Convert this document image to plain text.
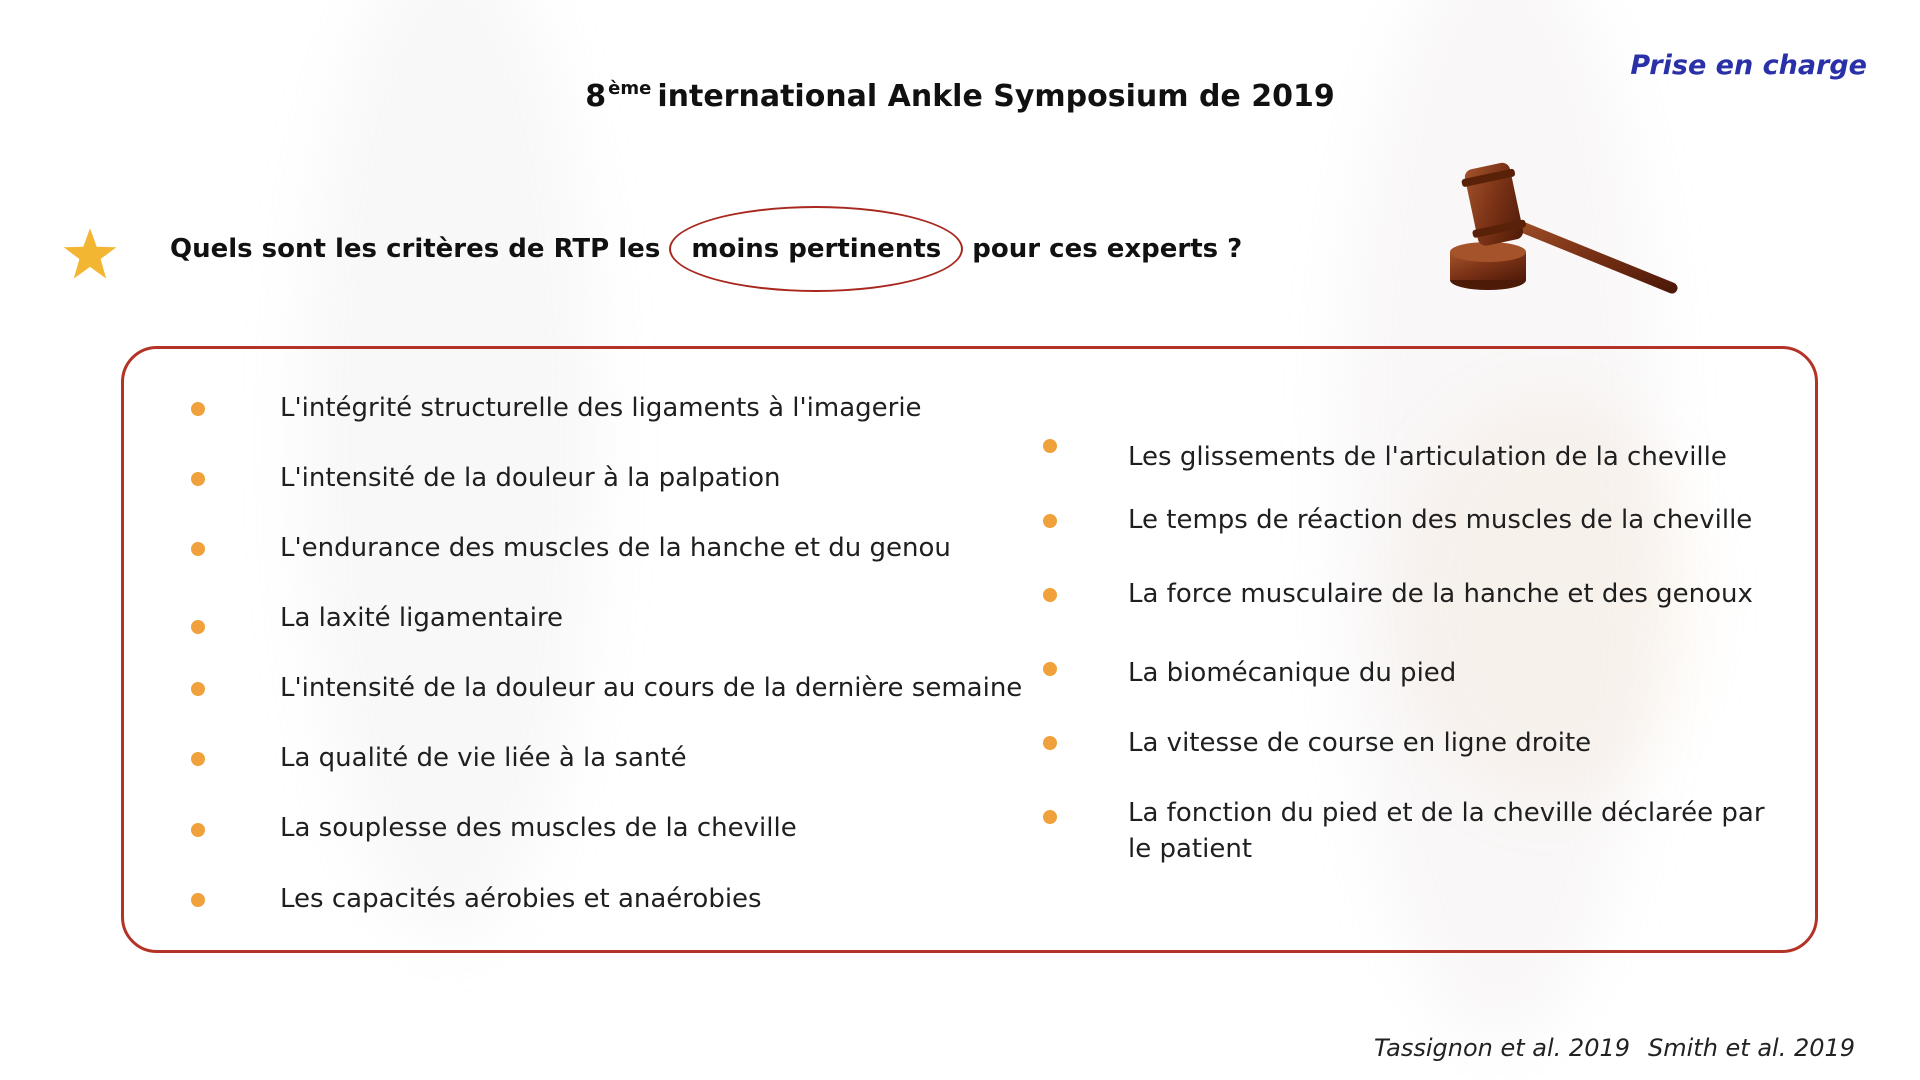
Prise en charge
8 $^{ème}$ international Ankle Symposium de 2019
Quels sont les critères de RTP les moins pertinents pour ces experts ?
L'intégrité structurelle des ligaments à l'imagerie
L'intensité de la douleur à la palpation
L'endurance des muscles de la hanche et du genou
La laxité ligamentaire
L'intensité de la douleur au cours de la dernière semaine
La qualité de vie liée à la santé
La souplesse des muscles de la cheville
Les capacités aérobies et anaérobies
Les glissements de l'articulation de la cheville
Le temps de réaction des muscles de la cheville
La force musculaire de la hanche et des genoux
La biomécanique du pied
La vitesse de course en ligne droite
La fonction du pied et de la cheville déclarée par le patient
Tassignon et al. 2019 Smith et al. 2019
